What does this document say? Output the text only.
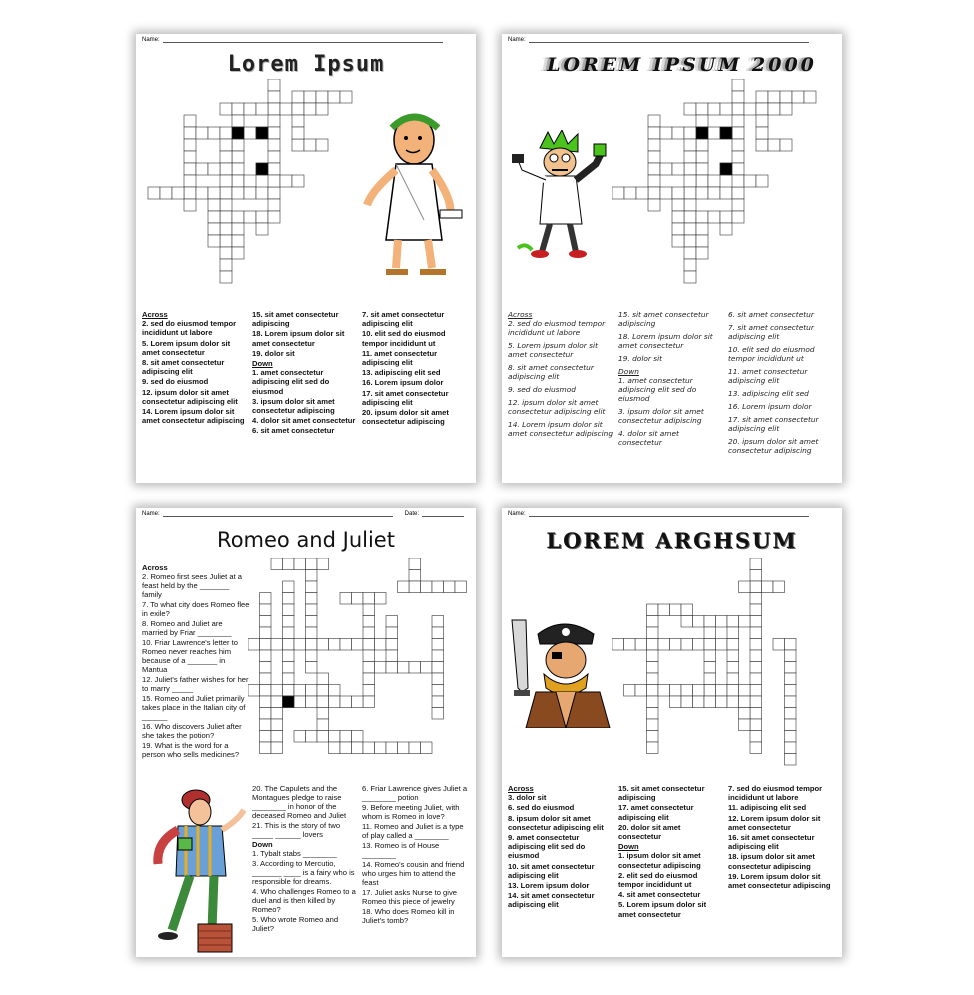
Name:
Lorem Ipsum
Across
2. sed do eiusmod tempor incididunt ut labore
5. Lorem ipsum dolor sit amet consectetur
8. sit amet consectetur adipiscing elit
9. sed do eiusmod
12. ipsum dolor sit amet consectetur adipiscing elit
14. Lorem ipsum dolor sit amet consectetur adipiscing
15. sit amet consectetur adipiscing
18. Lorem ipsum dolor sit amet consectetur
19. dolor sit
Down
1. amet consectetur adipiscing elit sed do eiusmod
3. ipsum dolor sit amet consectetur adipiscing
4. dolor sit amet consectetur
6. sit amet consectetur
7. sit amet consectetur adipiscing elit
10. elit sed do eiusmod tempor incididunt ut
11. amet consectetur adipiscing elit
13. adipiscing elit sed
16. Lorem ipsum dolor
17. sit amet consectetur adipiscing elit
20. ipsum dolor sit amet consectetur adipiscing
Name:
LOREM IPSUM 2000
Across
2. sed do eiusmod tempor incididunt ut labore
5. Lorem ipsum dolor sit amet consectetur
8. sit amet consectetur adipiscing elit
9. sed do eiusmod
12. ipsum dolor sit amet consectetur adipiscing elit
14. Lorem ipsum dolor sit amet consectetur adipiscing
15. sit amet consectetur adipiscing
18. Lorem ipsum dolor sit amet consectetur
19. dolor sit
Down
1. amet consectetur adipiscing elit sed do eiusmod
3. ipsum dolor sit amet consectetur adipiscing
4. dolor sit amet consectetur
6. sit amet consectetur
7. sit amet consectetur adipiscing elit
10. elit sed do eiusmod tempor incididunt ut
11. amet consectetur adipiscing elit
13. adipiscing elit sed
16. Lorem ipsum dolor
17. sit amet consectetur adipiscing elit
20. ipsum dolor sit amet consectetur adipiscing
Name:	Date:
Romeo and Juliet
Across
2. Romeo first sees Juliet at a feast held by the _______ family
7. To what city does Romeo flee in exile?
8. Romeo and Juliet are married by Friar ________
10. Friar Lawrence's letter to Romeo never reaches him because of a _______ in Mantua
12. Juliet's father wishes for her to marry _____
15. Romeo and Juliet primarily takes place in the Italian city of ______
16. Who discovers Juliet after she takes the potion?
19. What is the word for a person who sells medicines?
20. The Capulets and the Montagues pledge to raise ________ in honor of the deceased Romeo and Juliet
21. This is the story of two _____ ______ lovers
Down
1. Tybalt stabs ________
3. According to Mercutio, _______ ____ is a fairy who is responsible for dreams.
4. Who challenges Romeo to a duel and is then killed by Romeo?
5. Who wrote Romeo and Juliet?
6. Friar Lawrence gives Juliet a ________ potion
9. Before meeting Juliet, with whom is Romeo in love?
11. Romeo and Juliet is a type of play called a ________
13. Romeo is of House ________
14. Romeo's cousin and friend who urges him to attend the feast
17. Juliet asks Nurse to give Romeo this piece of jewelry
18. Who does Romeo kill in Juliet's tomb?
Name:
LOREM ARGHSUM
Across
3. dolor sit
6. sed do eiusmod
8. ipsum dolor sit amet consectetur adipiscing elit
9. amet consectetur adipiscing elit sed do eiusmod
10. sit amet consectetur adipiscing elit
13. Lorem ipsum dolor
14. sit amet consectetur adipiscing elit
15. sit amet consectetur adipiscing
17. amet consectetur adipiscing elit
20. dolor sit amet consectetur
Down
1. ipsum dolor sit amet consectetur adipiscing
2. elit sed do eiusmod tempor incididunt ut
4. sit amet consectetur
5. Lorem ipsum dolor sit amet consectetur
7. sed do eiusmod tempor incididunt ut labore
11. adipiscing elit sed
12. Lorem ipsum dolor sit amet consectetur
16. sit amet consectetur adipiscing elit
18. ipsum dolor sit amet consectetur adipiscing
19. Lorem ipsum dolor sit amet consectetur adipiscing
